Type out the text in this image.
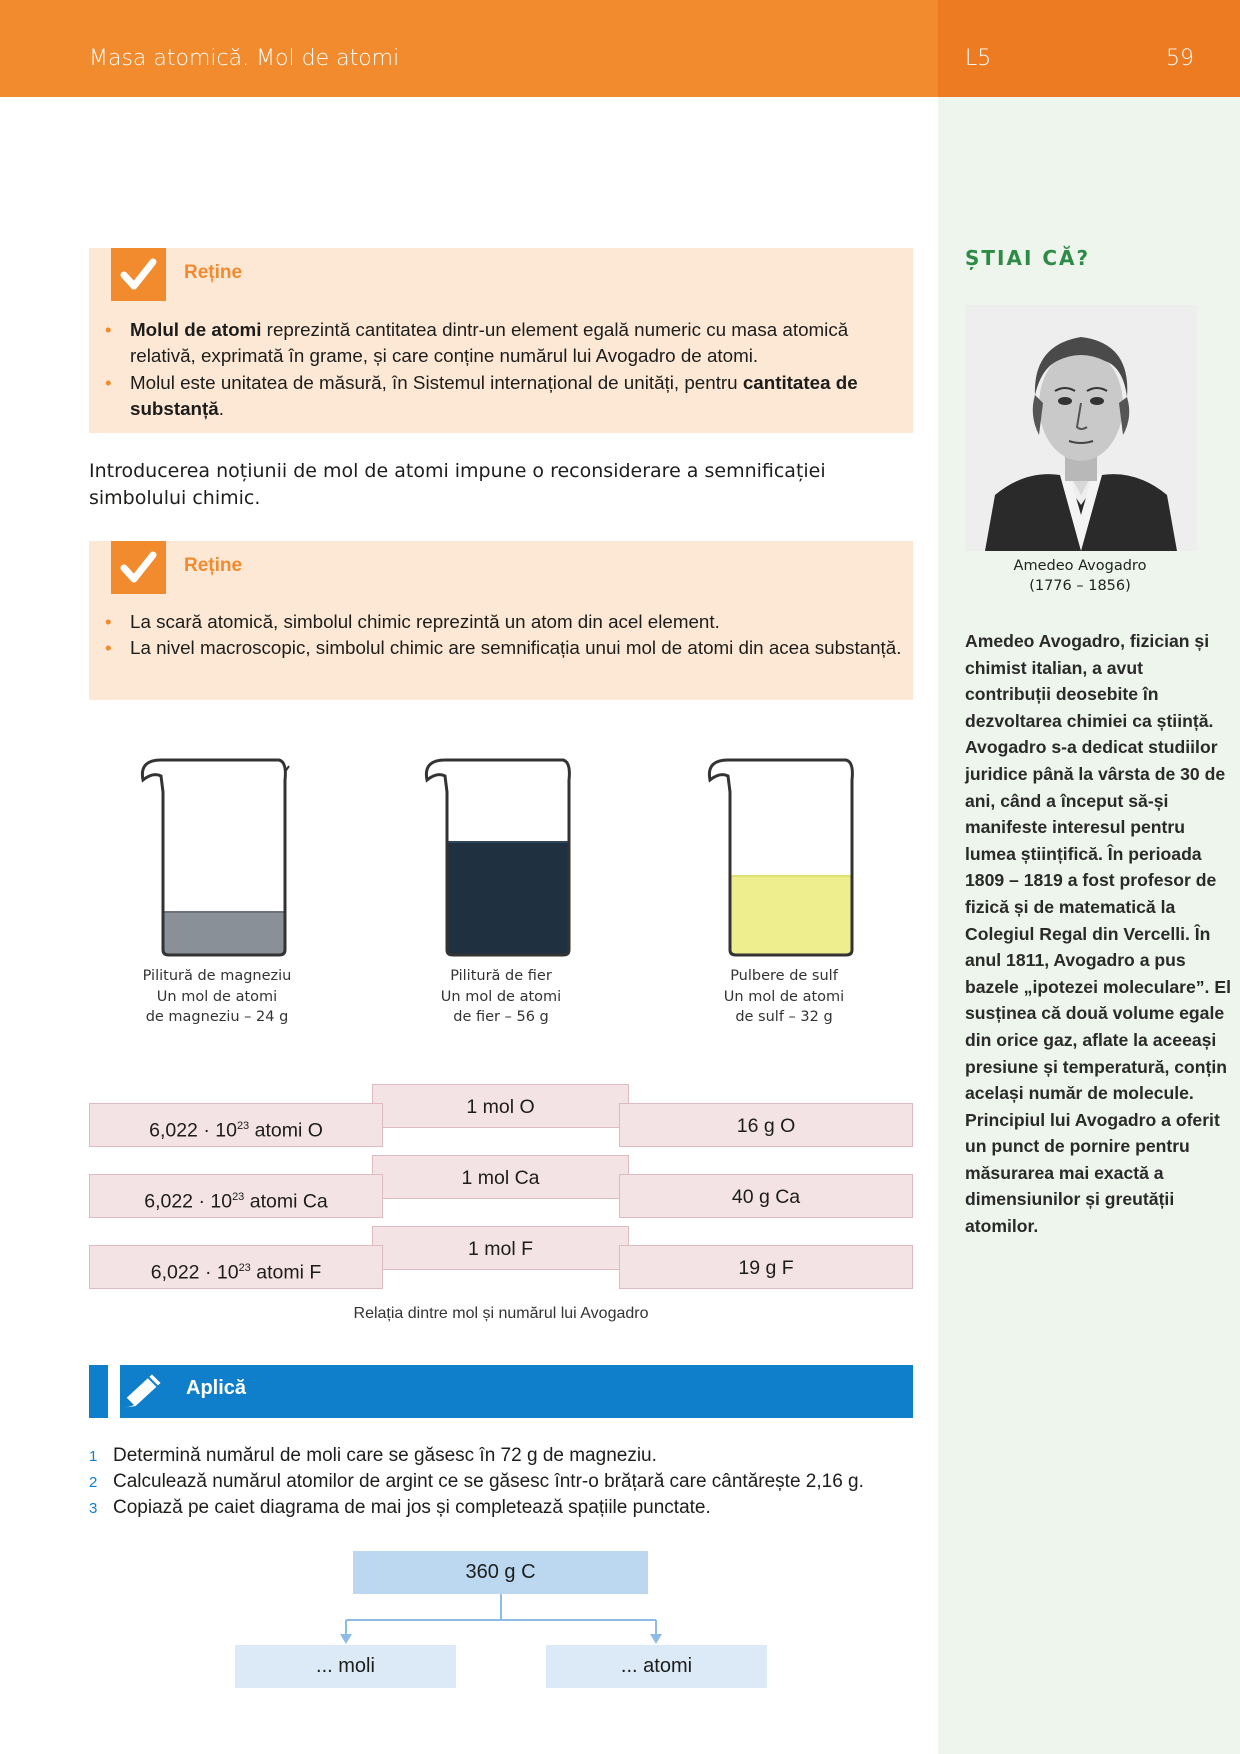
Masa atomică. Mol de atomi	L5	59
ȘTIAI CĂ?
Amedeo Avogadro
(1776 – 1856)
Amedeo Avogadro, fizician și chimist italian, a avut contribuții deosebite în dezvoltarea chimiei ca știință. Avogadro s-a dedicat studiilor juridice până la vârsta de 30 de ani, când a început să-și manifeste interesul pentru lumea științifică. În perioada 1809 – 1819 a fost profesor de fizică și de matematică la Colegiul Regal din Vercelli. În anul 1811, Avogadro a pus bazele „ipotezei moleculare”. El susținea că două volume egale din orice gaz, aflate la aceeași presiune și temperatură, conțin același număr de molecule. Principiul lui Avogadro a oferit un punct de pornire pentru măsurarea mai exactă a dimensiunilor și greutății atomilor.
Reține
• Molul de atomi reprezintă cantitatea dintr-un element egală numeric cu masa atomică relativă, exprimată în grame, și care conține numărul lui Avogadro de atomi.
• Molul este unitatea de măsură, în Sistemul internațional de unități, pentru cantitatea de substanță.
Introducerea noțiunii de mol de atomi impune o reconsiderare a semnificației simbolului chimic.
Reține
• La scară atomică, simbolul chimic reprezintă un atom din acel element.
• La nivel macroscopic, simbolul chimic are semnificația unui mol de atomi din acea substanță.
Pilitură de magneziu
Un mol de atomi
de magneziu – 24 g
Pilitură de fier
Un mol de atomi
de fier – 56 g
Pulbere de sulf
Un mol de atomi
de sulf – 32 g
1 mol O
$6,022 \cdot 10^{23}$ atomi O	16 g O
1 mol Ca
$6,022 \cdot 10^{23}$ atomi Ca	40 g Ca
1 mol F
$6,022 \cdot 10^{23}$ atomi F	19 g F
Relația dintre mol și numărul lui Avogadro
Aplică
1 Determină numărul de moli care se găsesc în 72 g de magneziu.
2 Calculează numărul atomilor de argint ce se găsesc într-o brățară care cântărește 2,16 g.
3 Copiază pe caiet diagrama de mai jos și completează spațiile punctate.
360 g C
... moli	... atomi
